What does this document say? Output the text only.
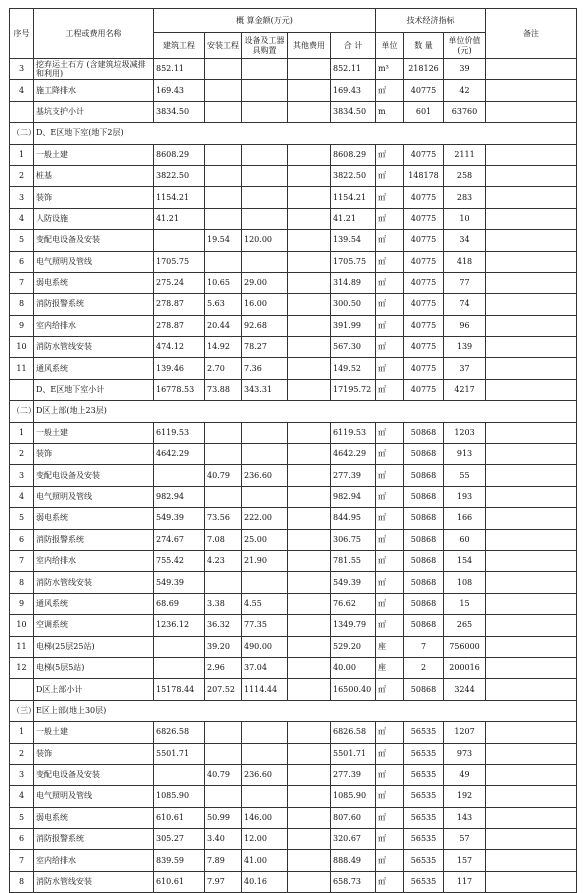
序号	工程或费用名称	概 算金额(万元)					技术经济指标			备注
		建筑工程	安装工程	设备及工器具购置	其他费用	合 计	单位	数 量	单位价值(元)	
3	挖弃运土石方 (含建筑垃圾减排和利用)	852.11				852.11	m³	218126	39	
4	施工降排水	169.43				169.43	㎡	40775	42	
	基坑支护小计	3834.50				3834.50	m	601	63760	
（二）	D、E区地下室(地下2层)									
1	一般土建	8608.29				8608.29	㎡	40775	2111	
2	桩基	3822.50				3822.50	㎡	148178	258	
3	装饰	1154.21				1154.21	㎡	40775	283	
4	人防设施	41.21				41.21	㎡	40775	10	
5	变配电设备及安装		19.54	120.00		139.54	㎡	40775	34	
6	电气照明及管线	1705.75				1705.75	㎡	40775	418	
7	弱电系统	275.24	10.65	29.00		314.89	㎡	40775	77	
8	消防报警系统	278.87	5.63	16.00		300.50	㎡	40775	74	
9	室内给排水	278.87	20.44	92.68		391.99	㎡	40775	96	
10	消防水管线安装	474.12	14.92	78.27		567.30	㎡	40775	139	
11	通风系统	139.46	2.70	7.36		149.52	㎡	40775	37	
	D、E区地下室小计	16778.53	73.88	343.31		17195.72	㎡	40775	4217	
（二）	D区上部(地上23层)									
1	一般土建	6119.53				6119.53	㎡	50868	1203	
2	装饰	4642.29				4642.29	㎡	50868	913	
3	变配电设备及安装		40.79	236.60		277.39	㎡	50868	55	
4	电气照明及管线	982.94				982.94	㎡	50868	193	
5	弱电系统	549.39	73.56	222.00		844.95	㎡	50868	166	
6	消防报警系统	274.67	7.08	25.00		306.75	㎡	50868	60	
7	室内给排水	755.42	4.23	21.90		781.55	㎡	50868	154	
8	消防水管线安装	549.39				549.39	㎡	50868	108	
9	通风系统	68.69	3.38	4.55		76.62	㎡	50868	15	
10	空调系统	1236.12	36.32	77.35		1349.79	㎡	50868	265	
11	电梯(25层25站)		39.20	490.00		529.20	座	7	756000	
12	电梯(5层5站)		2.96	37.04		40.00	座	2	200016	
	D区上部小计	15178.44	207.52	1114.44		16500.40	㎡	50868	3244	
（三）	E区上部(地上30层)									
1	一般土建	6826.58				6826.58	㎡	56535	1207	
2	装饰	5501.71				5501.71	㎡	56535	973	
3	变配电设备及安装		40.79	236.60		277.39	㎡	56535	49	
4	电气照明及管线	1085.90				1085.90	㎡	56535	192	
5	弱电系统	610.61	50.99	146.00		807.60	㎡	56535	143	
6	消防报警系统	305.27	3.40	12.00		320.67	㎡	56535	57	
7	室内给排水	839.59	7.89	41.00		888.49	㎡	56535	157	
8	消防水管线安装	610.61	7.97	40.16		658.73	㎡	56535	117	
